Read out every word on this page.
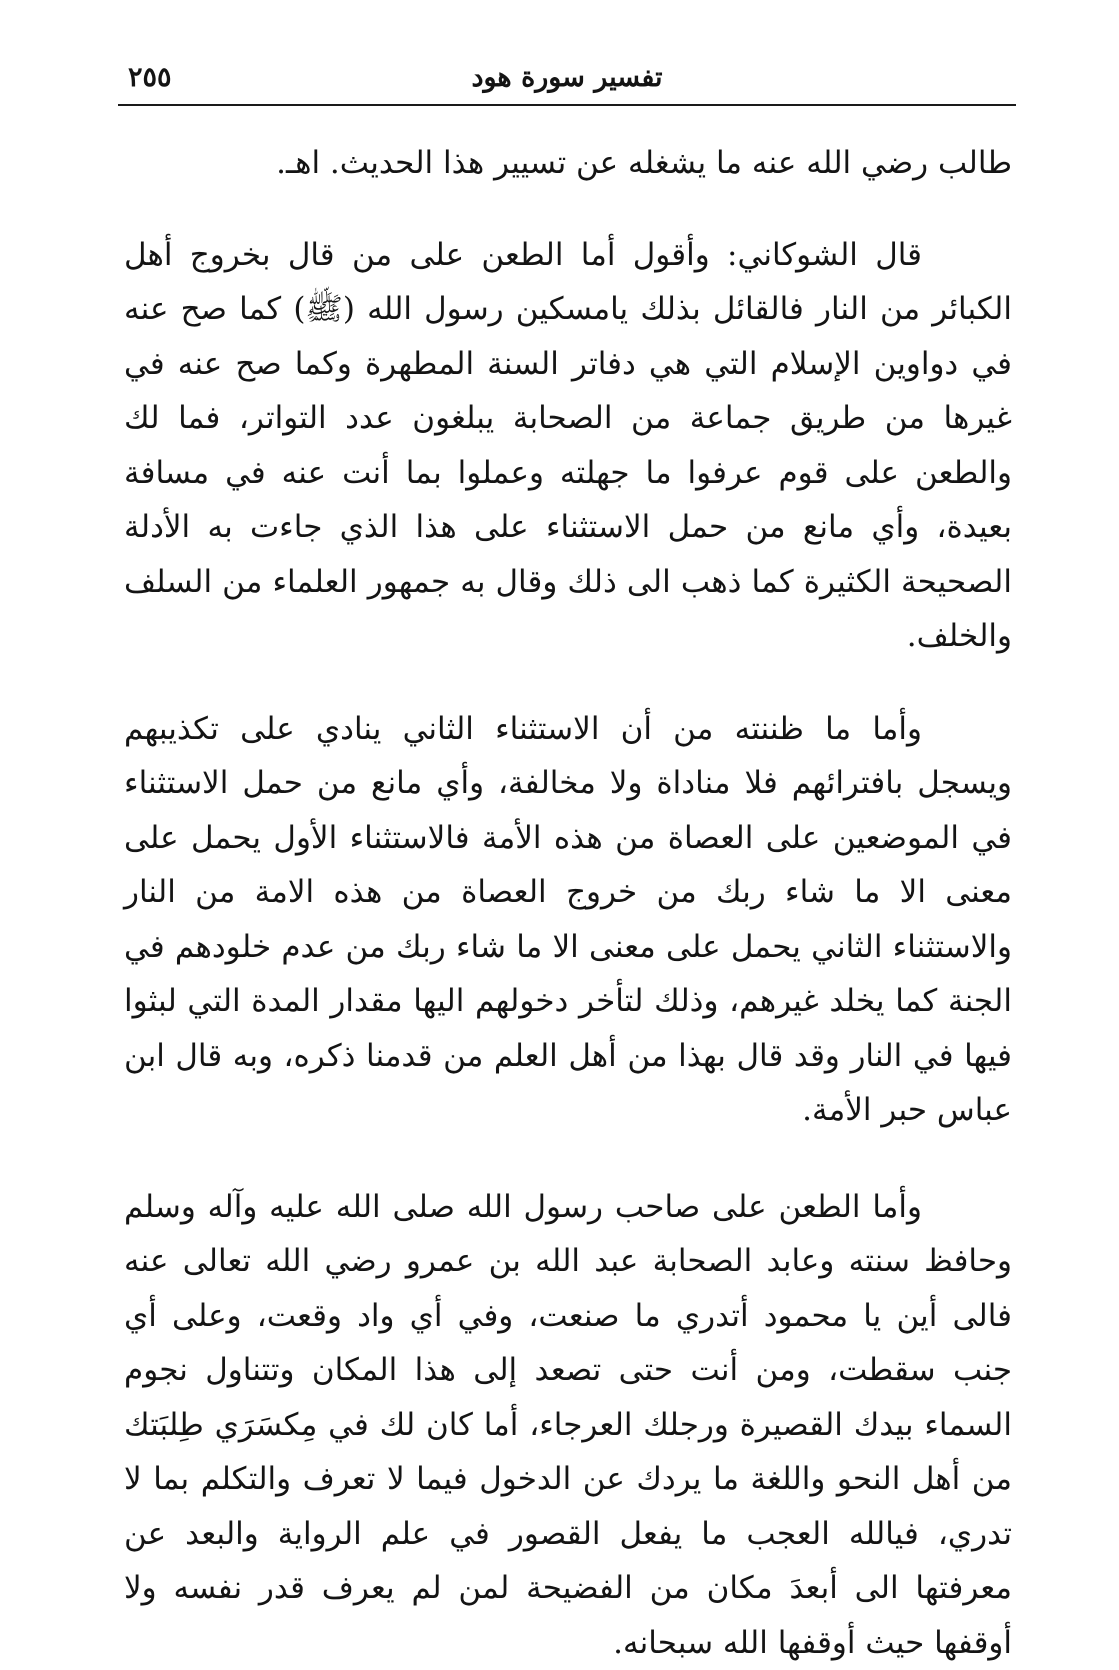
تفسير سورة هود
٢٥٥

طالب رضي الله عنه ما يشغله عن تسيير هذا الحديث. اهـ.

قال الشوكاني: وأقول أما الطعن على من قال بخروج أهل الكبائر من النار فالقائل بذلك يامسكين رسول الله (ﷺ) كما صح عنه في دواوين الإسلام التي هي دفاتر السنة المطهرة وكما صح عنه في غيرها من طريق جماعة من الصحابة يبلغون عدد التواتر، فما لك والطعن على قوم عرفوا ما جهلته وعملوا بما أنت عنه في مسافة بعيدة، وأي مانع من حمل الاستثناء على هذا الذي جاءت به الأدلة الصحيحة الكثيرة كما ذهب الى ذلك وقال به جمهور العلماء من السلف والخلف.

وأما ما ظننته من أن الاستثناء الثاني ينادي على تكذيبهم ويسجل بافترائهم فلا مناداة ولا مخالفة، وأي مانع من حمل الاستثناء في الموضعين على العصاة من هذه الأمة فالاستثناء الأول يحمل على معنى الا ما شاء ربك من خروج العصاة من هذه الامة من النار والاستثناء الثاني يحمل على معنى الا ما شاء ربك من عدم خلودهم في الجنة كما يخلد غيرهم، وذلك لتأخر دخولهم اليها مقدار المدة التي لبثوا فيها في النار وقد قال بهذا من أهل العلم من قدمنا ذكره، وبه قال ابن عباس حبر الأمة.

وأما الطعن على صاحب رسول الله صلى الله عليه وآله وسلم وحافظ سنته وعابد الصحابة عبد الله بن عمرو رضي الله تعالى عنه فالى أين يا محمود أتدري ما صنعت، وفي أي واد وقعت، وعلى أي جنب سقطت، ومن أنت حتى تصعد إلى هذا المكان وتتناول نجوم السماء بيدك القصيرة ورجلك العرجاء، أما كان لك في مِكسَرَي طِلبَتك من أهل النحو واللغة ما يردك عن الدخول فيما لا تعرف والتكلم بما لا تدري، فيالله العجب ما يفعل القصور في علم الرواية والبعد عن معرفتها الى أبعدَ مكان من الفضيحة لمن لم يعرف قدر نفسه ولا أوقفها حيث أوقفها الله سبحانه.
